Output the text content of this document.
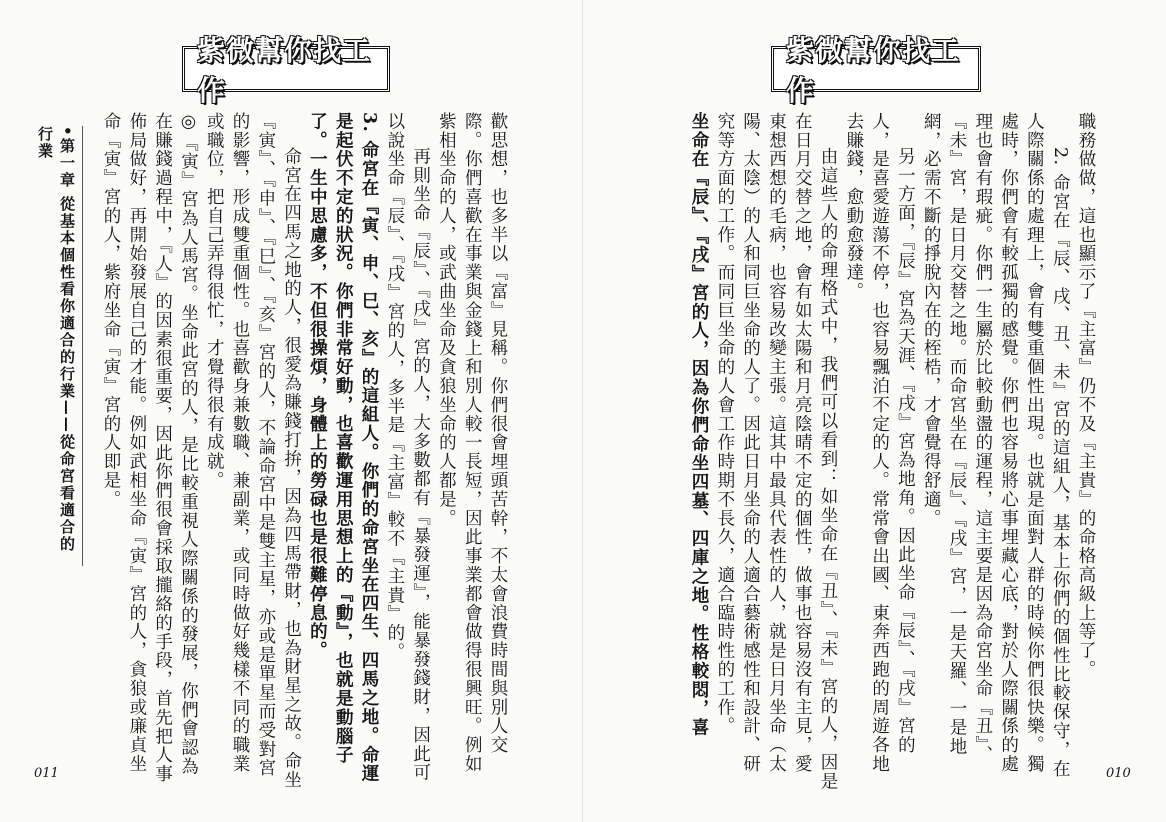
紫微幫你找工作
•第一章 從基本個性看你適合的行業——從命宮看適合的行業	歡思想，也多半以『富』見稱。你們很會埋頭苦幹，不太會浪費時間與別人交際。你們喜歡在事業與金錢上和別人較一長短，因此事業都會做得很興旺。例如紫相坐命的人，或武曲坐命及貪狼坐命的人都是。

再則坐命『辰』、『戌』宮的人，大多數都有『暴發運』，能暴發錢財，因此可以說坐命『辰』、『戌』宮的人，多半是『主富』較不『主貴』的。

3. 命宮在『寅、申、巳、亥』的這組人。你們的命宮坐在四生、四馬之地。命運是起伏不定的狀況。你們非常好動，也喜歡運用思想上的『動』，也就是動腦子了。一生中思慮多，不但很操煩，身體上的勞碌也是很難停息的。

命宮在四馬之地的人，很愛為賺錢打拚，因為四馬帶財，也為財星之故。命坐『寅』、『申』、『巳』、『亥』宮的人，不論命宮中是雙主星，亦或是單星而受對宮的影響，形成雙重個性。也喜歡身兼數職、兼副業，或同時做好幾樣不同的職業或職位，把自己弄得很忙，才覺得很有成就。

◎『寅』宮為人馬宮。坐命此宮的人，是比較重視人際關係的發展，你們會認為在賺錢過程中，『人』的因素很重要，因此你們很會採取攏絡的手段，首先把人事佈局做好，再開始發展自己的才能。例如武相坐命『寅』宮的人，貪狼或廉貞坐命『寅』宮的人，紫府坐命『寅』宮的人即是。

011
紫微幫你找工作

職務做做，這也顯示了『主富』仍不及『主貴』的命格高級上等了。

2. 命宮在『辰、戌、丑、未』宮的這組人，基本上你們的個性比較保守，在人際關係的處理上，會有雙重個性出現。也就是面對人群的時候你們很快樂。獨處時，你們會有較孤獨的感覺。你們也容易將心事埋藏心底，對於人際關係的處理也會有瑕疵。你們一生屬於比較動盪的運程，這主要是因為命宮坐命『丑』、『未』宮，是日月交替之地。而命宮坐在『辰』、『戌』宮，一是天羅、一是地網，必需不斷的掙脫內在的桎梏，才會覺得舒適。

另一方面，『辰』宮為天涯、『戌』宮為地角。因此坐命『辰』、『戌』宮的人，是喜愛遊蕩不停，也容易飄泊不定的人。常常會出國、東奔西跑的周遊各地去賺錢，愈動愈發達。

由這些人的命理格式中，我們可以看到：如坐命在『丑』、『未』宮的人，因是在日月交替之地，會有如太陽和月亮陰晴不定的個性，做事也容易沒有主見，愛東想西想的毛病，也容易改變主張。這其中最具代表性的人，就是日月坐命（太陽、太陰）的人和同巨坐命的人了。因此日月坐命的人適合藝術感性和設計、研究等方面的工作。而同巨坐命的人會工作時期不長久，適合臨時性的工作。

坐命在『辰』、『戌』宮的人，因為你們命坐四墓、四庫之地。性格較悶，喜

010
